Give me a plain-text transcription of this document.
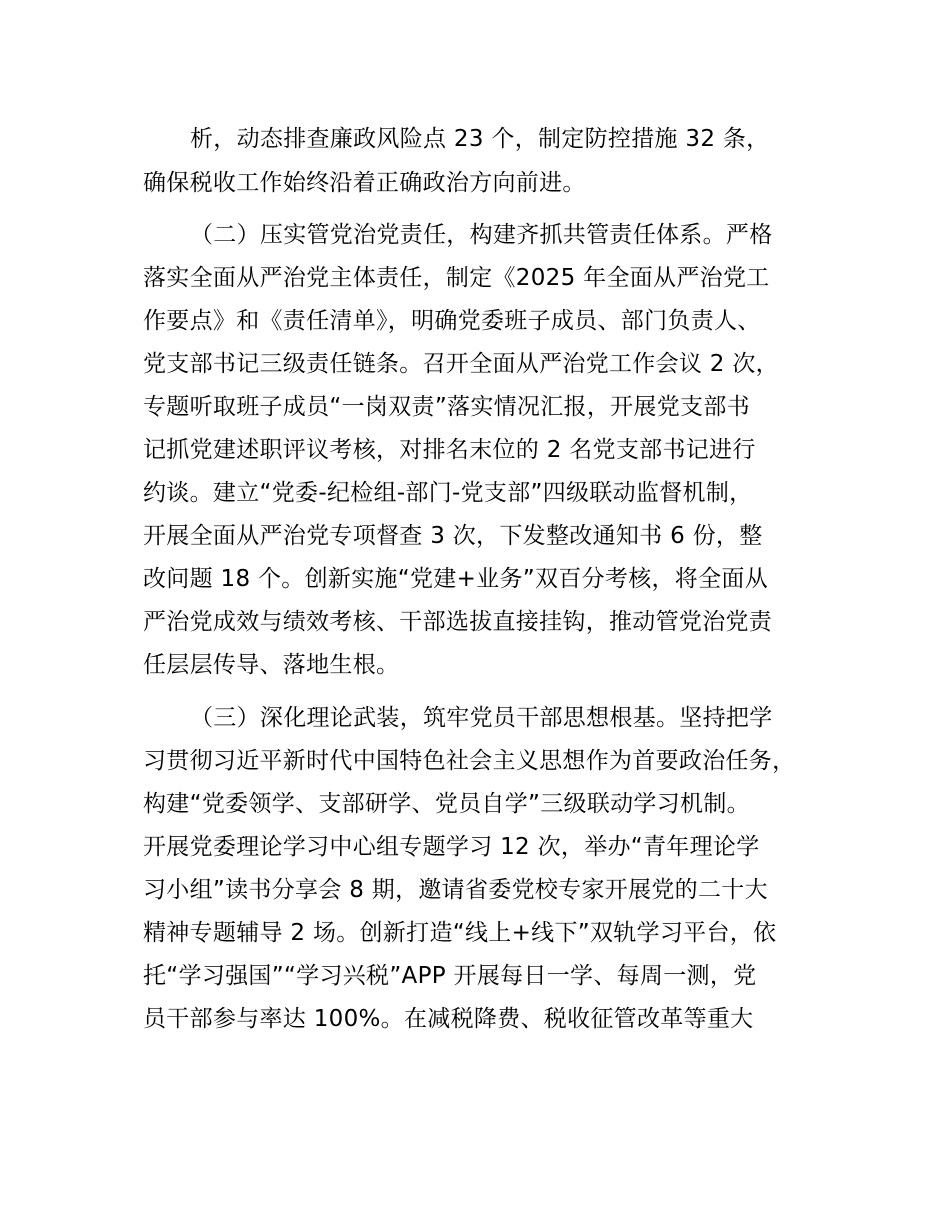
析，动态排查廉政风险点 23 个，制定防控措施 32 条，
确保税收工作始终沿着正确政治方向前进。
（二）压实管党治党责任，构建齐抓共管责任体系。严格
落实全面从严治党主体责任，制定《2025 年全面从严治党工
作要点》和《责任清单》，明确党委班子成员、部门负责人、
党支部书记三级责任链条。召开全面从严治党工作会议 2 次，
专题听取班子成员“一岗双责”落实情况汇报，开展党支部书
记抓党建述职评议考核，对排名末位的 2 名党支部书记进行
约谈。建立“党委-纪检组-部门-党支部”四级联动监督机制，
开展全面从严治党专项督查 3 次，下发整改通知书 6 份，整
改问题 18 个。创新实施“党建+业务”双百分考核，将全面从
严治党成效与绩效考核、干部选拔直接挂钩，推动管党治党责
任层层传导、落地生根。
（三）深化理论武装，筑牢党员干部思想根基。坚持把学
习贯彻习近平新时代中国特色社会主义思想作为首要政治任务，
构建“党委领学、支部研学、党员自学”三级联动学习机制。
开展党委理论学习中心组专题学习 12 次，举办“青年理论学
习小组”读书分享会 8 期，邀请省委党校专家开展党的二十大
精神专题辅导 2 场。创新打造“线上+线下”双轨学习平台，依
托“学习强国”“学习兴税”APP 开展每日一学、每周一测，党
员干部参与率达 100%。在减税降费、税收征管改革等重大
